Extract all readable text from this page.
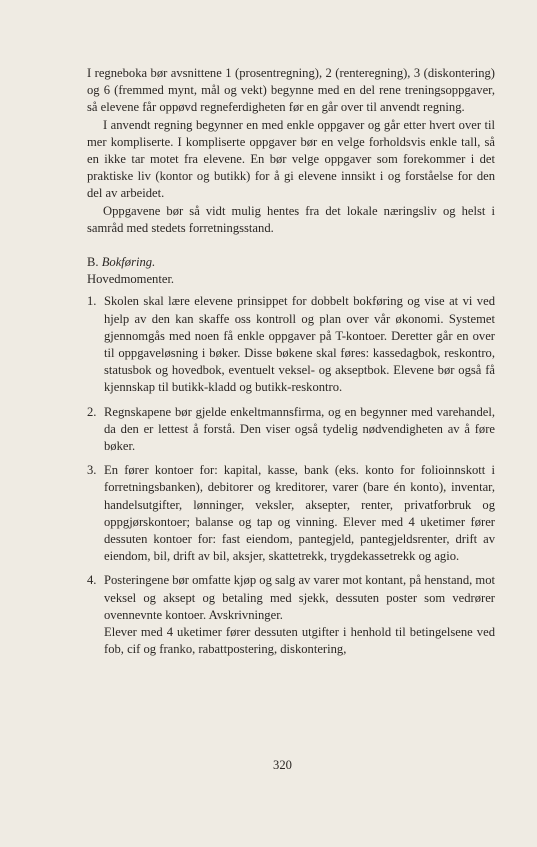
I regneboka bør avsnittene 1 (prosentregning), 2 (renteregning), 3 (diskontering) og 6 (fremmed mynt, mål og vekt) begynne med en del rene treningsoppgaver, så elevene får oppøvd regneferdigheten før en går over til anvendt regning.

I anvendt regning begynner en med enkle oppgaver og går etter hvert over til mer kompliserte. I kompliserte oppgaver bør en velge forholdsvis enkle tall, så en ikke tar motet fra elevene. En bør velge oppgaver som forekommer i det praktiske liv (kontor og butikk) for å gi elevene innsikt i og forståelse for den del av arbeidet.

Oppgavene bør så vidt mulig hentes fra det lokale næringsliv og helst i samråd med stedets forretningsstand.

B. Bokføring.

Hovedmomenter.

1. Skolen skal lære elevene prinsippet for dobbelt bokføring og vise at vi ved hjelp av den kan skaffe oss kontroll og plan over vår økonomi. Systemet gjennomgås med noen få enkle oppgaver på T-kontoer. Deretter går en over til oppgaveløsning i bøker. Disse bøkene skal føres: kassedagbok, reskontro, statusbok og hovedbok, eventuelt veksel- og akseptbok. Elevene bør også få kjennskap til butikk-kladd og butikk-reskontro.

2. Regnskapene bør gjelde enkeltmannsfirma, og en begynner med varehandel, da den er lettest å forstå. Den viser også tydelig nødvendigheten av å føre bøker.

3. En fører kontoer for: kapital, kasse, bank (eks. konto for folioinnskott i forretningsbanken), debitorer og kreditorer, varer (bare én konto), inventar, handelsutgifter, lønninger, veksler, aksepter, renter, privatforbruk og oppgjørskontoer; balanse og tap og vinning. Elever med 4 uketimer fører dessuten kontoer for: fast eiendom, pantegjeld, pantegjeldsrenter, drift av eiendom, bil, drift av bil, aksjer, skattetrekk, trygdekassetrekk og agio.

4. Posteringene bør omfatte kjøp og salg av varer mot kontant, på henstand, mot veksel og aksept og betaling med sjekk, dessuten poster som vedrører ovennevnte kontoer. Avskrivninger.

Elever med 4 uketimer fører dessuten utgifter i henhold til betingelsene ved fob, cif og franko, rabattpostering, diskontering,

320
